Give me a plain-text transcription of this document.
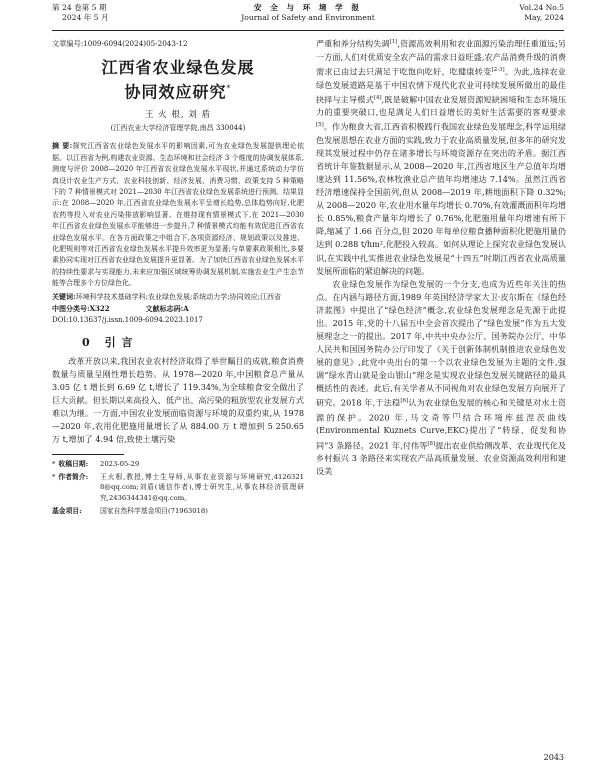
第 24 卷第 5 期
2024 年 5 月
安 全 与 环 境 学 报
Journal of Safety and Environment
Vol.24 No.5
May, 2024
文章编号:1009-6094(2024)05-2043-12
江西省农业绿色发展
协同效应研究*
王 火 根, 刘 盾
(江西农业大学经济管理学院,南昌 330044)
摘 要:探究江西省农业绿色发展水平的影响因素,可为农业绿色发展提供理论依据。以江西省为例,构建农业资源、生态环境和社会经济 3 个维度的协调发展体系,测度与评价 2008—2020 年江西省农业绿色发展水平现状,并通过系统动力学仿真设计农业生产方式、农业科技创新、经济发展、消费习惯、政策支持 5 种策略下的 7 种情景模式对 2021—2030 年江西省农业绿色发展系统进行预测。结果显示:在 2008—2020 年,江西省农业绿色发展水平呈增长趋势,总体趋势向好,化肥农药等投入对农业污染排放影响显著。在维持现有情景模式下,在 2021—2030 年江西省农业绿色发展水平能够进一步提升,7 种情景模式均能有效促进江西省农业绿色发展水平。在各方面政策之中组合下,各项资源经济、规划政策以及推进、化肥规则等对江西省农业绿色发展水平提升效率更为显著;与单要素政策相比,多要素协同实现对江西省农业绿色发展提升更显著。为了加快江西省农业绿色发展水平的持续性要求与实现能力,未来应加强区域统筹协调发展机制,实施农业生产生态节能等合理多个方位绿色化。
关键词:环境科学技术基础学科;农业绿色发展;系统动力学;协同效应;江西省
中图分类号:X322	文献标志码:A
DOI:10.13637/j.issn.1009-6094.2023.1017
0 引 言

改革开放以来,我国农业农村经济取得了举世瞩目的成就,粮食消费数量与质量呈刚性增长趋势。从 1978—2020 年,中国粮食总产量从 3.05 亿 t 增长到 6.69 亿 t,增长了 119.34%,为全球粮食安全做出了巨大贡献。但长期以来高投入、低产出、高污染的粗放型农业发展方式难以为继。一方面,中国农业发展面临资源与环境的双重约束,从 1978—2020 年,农用化肥施用量增长了从 884.00 万 t 增加到 5 250.65 万 t,增加了 4.94 倍,致使土壤污染

* 收稿日期:	2023-05-29
* 作者简介:	王火根,教授,博士生导师,从事农业资源与环境研究,4126321​8@qq.com;刘盾(通信作者),博士研究生,从事农林经济管理研究,243634​4341@qq.com。
基金项目:	国家自然科学基金项目(71963018)

严重和养分结构失调[1],资源高效利用和农业面源污染治理任重道远;另一方面,人们对优质安全农产品的需求日益旺盛,农产品消费升级的消费需求已由过去只满足于吃饱向吃好、吃健康转变[2-3]。为此,选择农业绿色发展道路是基于中国农情下现代化农业可持续发展所做出的最佳抉择与主导模式[4],既是破解中国农业发展资源短缺困境和生态环境压力的重要突破口,也是满足人们日益增长的美好生活需要的客观要求[5]。作为粮食大省,江西省积极践行我国农业绿色发展理念,科学运用绿色发展思想在农业方面的实践,致力于农业高质量发展,但多年的研究发现其发展过程中仍存在诸多增长与环境资源存在突出的矛盾。据江西省统计年鉴数据显示,从 2008—2020 年,江西省地区生产总值年均增速达到 11.56%,农林牧渔业总产值年均增速达 7.14%。虽然江西省经济增速保持全国前列,但从 2008—2019 年,耕地面积下降 0.32%;从 2008—2020 年,农业用水量年均增长 0.70%,有效灌溉面积年均增长 0.85%,粮食产量年均增长了 0.76%,化肥施用量年均增速有所下降,缩减了 1.66 百分点,但 2020 年每单位粮食播种面积化肥施用量仍达到 0.288 t/hm²,化肥投入较高。如何从理论上探究农业绿色发展认识,在实践中扎实推进农业绿色发展是“十四五”时期江西省农业高质量发展所面临的紧迫解决的问题。

农业绿色发展作为绿色发展的一个分支,也成为近些年关注的热点。在内涵与路径方面,1989 年英国经济学家大卫·皮尔斯在《绿色经济蓝图》中提出了“绿色经济”概念,农业绿色发展理念是先源于此提出。2015 年,党的十八届五中全会首次提出了“绿色发展”作为五大发展理念之一的提出。2017 年,中共中央办公厅、国务院办公厅、中华人民共和国国务院办公厅印发了《关于创新体制机制推进农业绿色发展的意见》,此党中央出台的第一个以农业绿色发展为主题的文件,强调“绿水青山就是金山银山”理念是实现农业绿色发展关键路径的最具概括性的表述。此后,有关学者从不同视角对农业绿色发展方向展开了研究。2018 年,于法稳[6]认为农业绿色发展的核心和关键是对水土资源的保护。2020 年,马文奇等[7]结合环境库兹涅茨曲线(Environmental Kuznets Curve,EKC)提出了“转绿、促发和协同”3 条路径。2021 年,付伟等[8]提出农业供给侧改革、农业现代化及乡村振兴 3 条路径来实现农产品高质量发展、农业资源高效利用和建设美

2043
